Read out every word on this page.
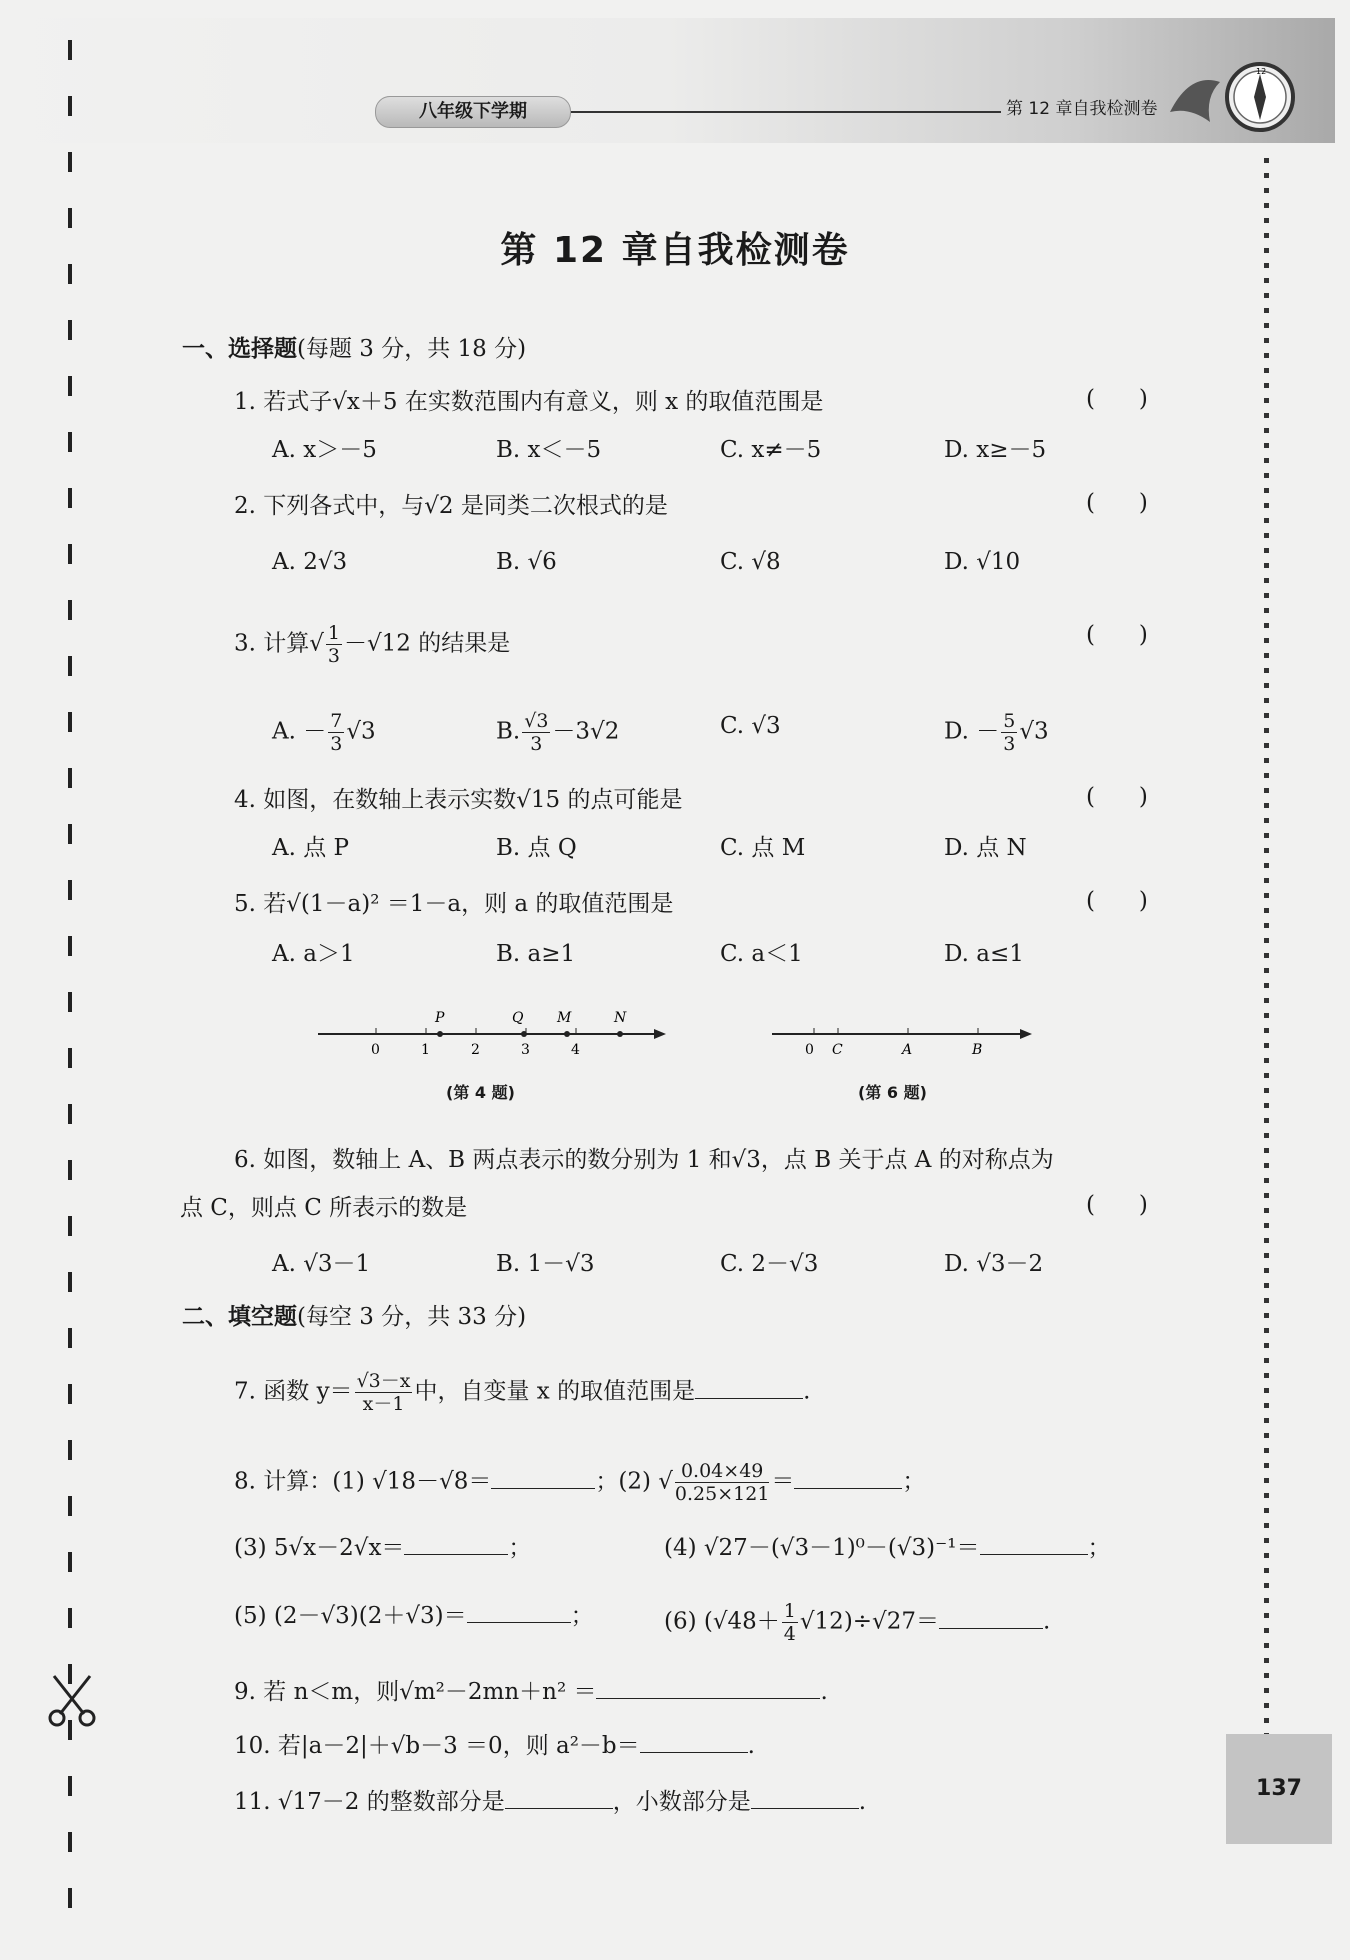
八年级下学期	第 12 章自我检测卷
12
第 12 章自我检测卷
一、选择题(每题 3 分，共 18 分)
1. 若式子√x＋5 在实数范围内有意义，则 x 的取值范围是	(      )
A. x＞－5	B. x＜－5	C. x≠－5	D. x≥－5
2. 下列各式中，与√2 是同类二次根式的是	(      )
A. 2√3	B. √6	C. √8	D. √10
3. 计算√ $\frac{1}{3} -√12$ 的结果是	(      )
A. － $\frac{7}{3} √3$	B. $\frac{√3}{3} -3√2$	C. √3	D. － $\frac{5}{3} √3$
4. 如图，在数轴上表示实数√15 的点可能是	(      )
A. 点 P	B. 点 Q	C. 点 M	D. 点 N
5. 若√(1－a)² ＝1－a，则 a 的取值范围是	(      )
A. a＞1	B. a≥1	C. a＜1	D. a≤1
0	1	2	3	4
P	Q M	N
(第 4 题)
0 C	A	B
(第 6 题)
6. 如图，数轴上 A、B 两点表示的数分别为 1 和√3，点 B 关于点 A 的对称点为
点 C，则点 C 所表示的数是	(      )
A. √3－1	B. 1－√3	C. 2－√3	D. √3－2
二、填空题(每空 3 分，共 33 分)
7. 函数 $y= \frac{√3-x}{x-1}$ 中，自变量 x 的取值范围是	.
8. 计算：(1) √18－√8＝	；(2) √ $\frac{0.04\times 49}{0.25\times 121}$ ＝	；
(3) 5√x－2√x＝	；	(4) √27－(√3－1)⁰－(√3)⁻¹＝	；
(5) (2－√3)(2＋√3)＝	；	(6) $(√48+ \frac{1}{4} √12)\div√27=$	.
9. 若 n＜m，则√m²－2mn＋n² ＝	.
10. 若|a－2|＋√b－3 ＝0，则 a²－b＝	.
11. √17－2 的整数部分是	，小数部分是	.
137
